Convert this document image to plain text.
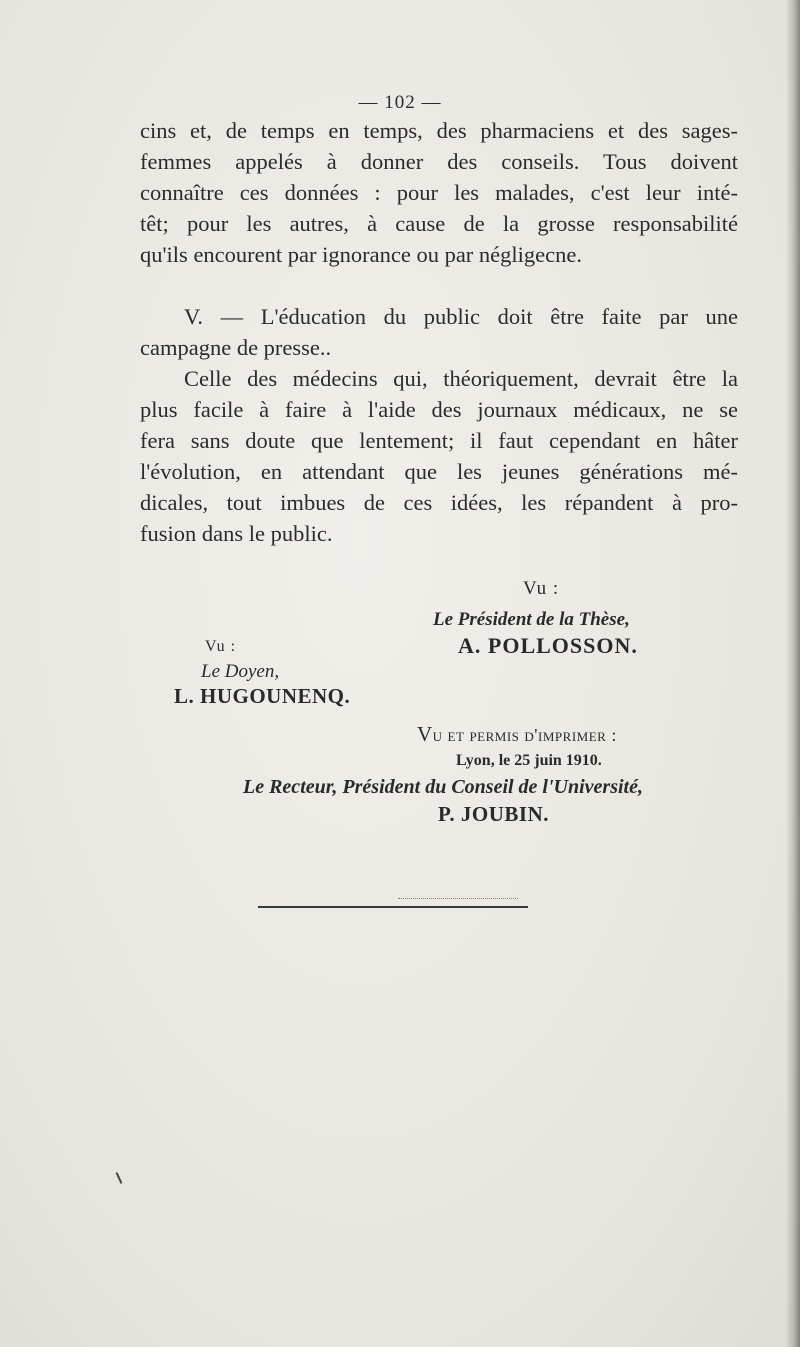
— 102 —
cins et, de temps en temps, des pharmaciens et des sages-
femmes appelés à donner des conseils. Tous doivent
connaître ces données : pour les malades, c'est leur inté-
têt; pour les autres, à cause de la grosse responsabilité
qu'ils encourent par ignorance ou par négligecne.
V. — L'éducation du public doit être faite par une
campagne de presse..
Celle des médecins qui, théoriquement, devrait être la
plus facile à faire à l'aide des journaux médicaux, ne se
fera sans doute que lentement; il faut cependant en hâter
l'évolution, en attendant que les jeunes générations mé-
dicales, tout imbues de ces idées, les répandent à pro-
fusion dans le public.
Vu :
Le Président de la Thèse,
A. POLLOSSON.
Vu :
Le Doyen,
L. HUGOUNENQ.
Vu et permis d'imprimer :
Lyon, le 25 juin 1910.
Le Recteur, Président du Conseil de l'Université,
P. JOUBIN.
